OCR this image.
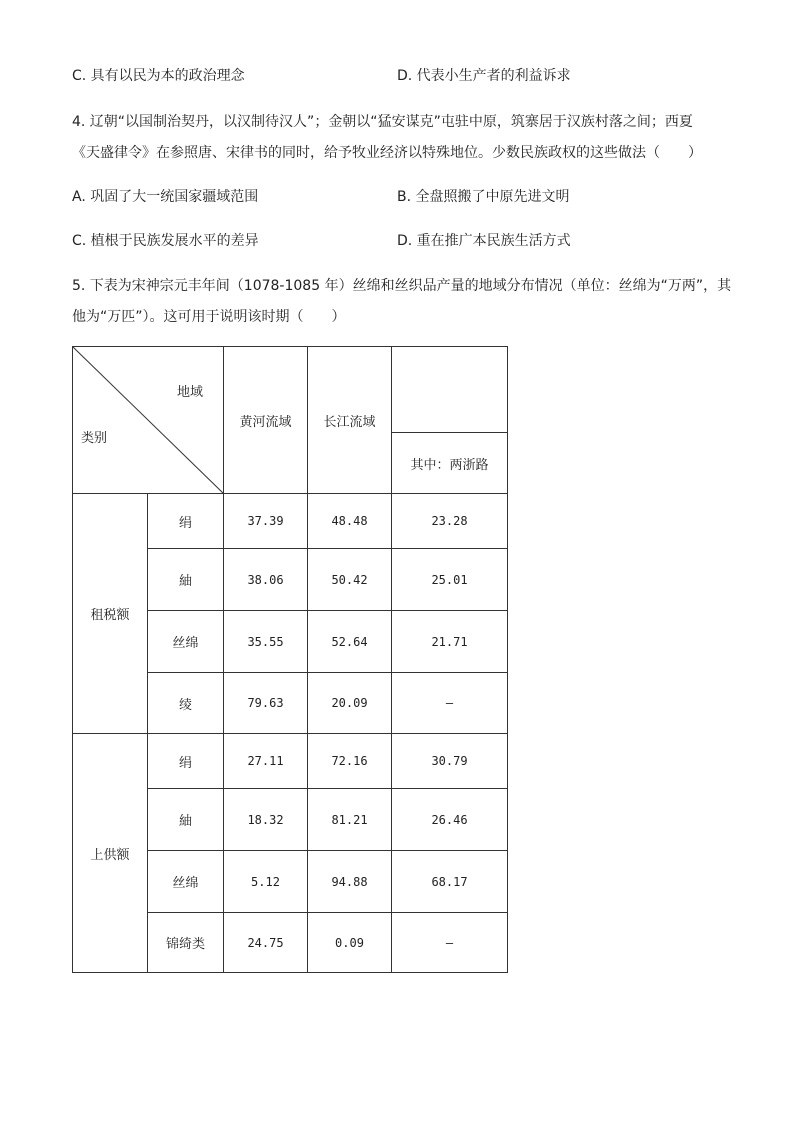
C. 具有以民为本的政治理念	D. 代表小生产者的利益诉求
4. 辽朝“以国制治契丹，以汉制待汉人”；金朝以“猛安谋克”屯驻中原，筑寨居于汉族村落之间；西夏
《天盛律令》在参照唐、宋律书的同时，给予牧业经济以特殊地位。少数民族政权的这些做法（　　）
A. 巩固了大一统国家疆域范围	B. 全盘照搬了中原先进文明
C. 植根于民族发展水平的差异	D. 重在推广本民族生活方式
5. 下表为宋神宗元丰年间（1078-1085 年）丝绵和丝织品产量的地域分布情况（单位：丝绵为“万两”，其
他为“万匹”）。这可用于说明该时期（　　）
地域
类别		黄河流域	长江流域	
				其中：两浙路
租税额	绢	37.39	48.48	23.28
	紬	38.06	50.42	25.01
	丝绵	35.55	52.64	21.71
	绫	79.63	20.09	—
上供额	绢	27.11	72.16	30.79
	紬	18.32	81.21	26.46
	丝绵	5.12	94.88	68.17
	锦绮类	24.75	0.09	—
